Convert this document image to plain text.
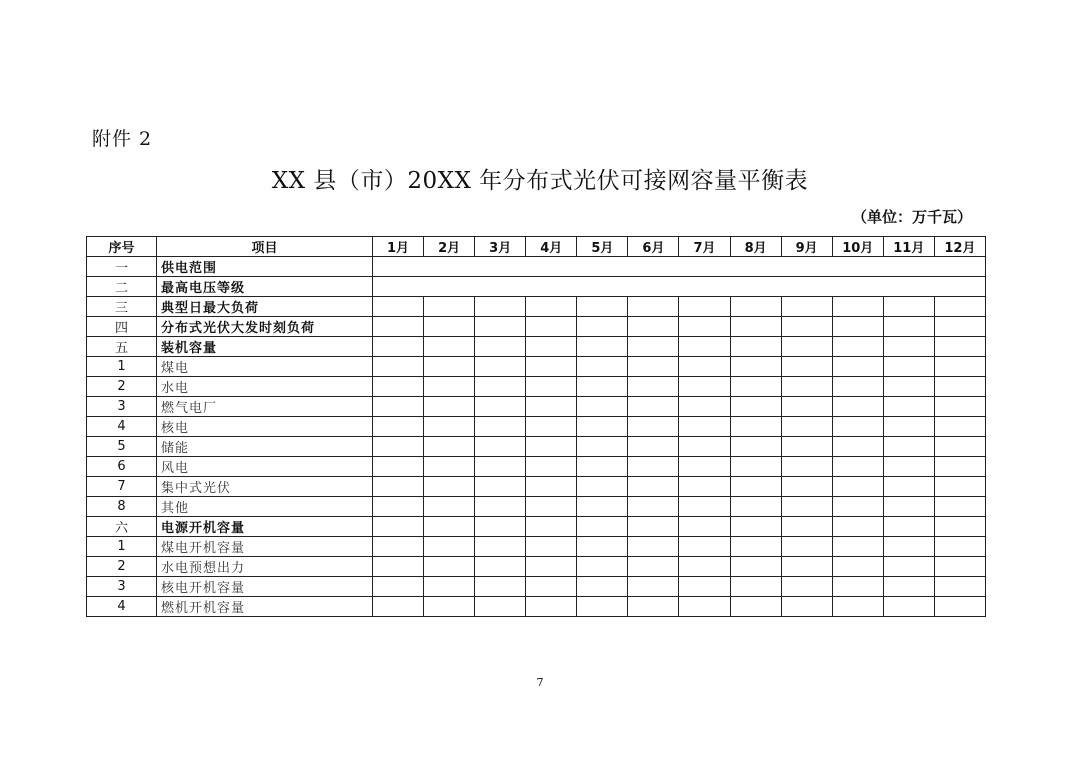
附件 2
XX 县（市）20XX 年分布式光伏可接网容量平衡表
（单位：万千瓦）
序号	项目	1月	2月	3月	4月	5月	6月	7月	8月	9月	10月	11月	12月
一	供电范围												
二	最高电压等级												
三	典型日最大负荷												
四	分布式光伏大发时刻负荷												
五	装机容量												
1	煤电												
2	水电												
3	燃气电厂												
4	核电												
5	储能												
6	风电												
7	集中式光伏												
8	其他												
六	电源开机容量												
1	煤电开机容量												
2	水电预想出力												
3	核电开机容量												
4	燃机开机容量												
7
